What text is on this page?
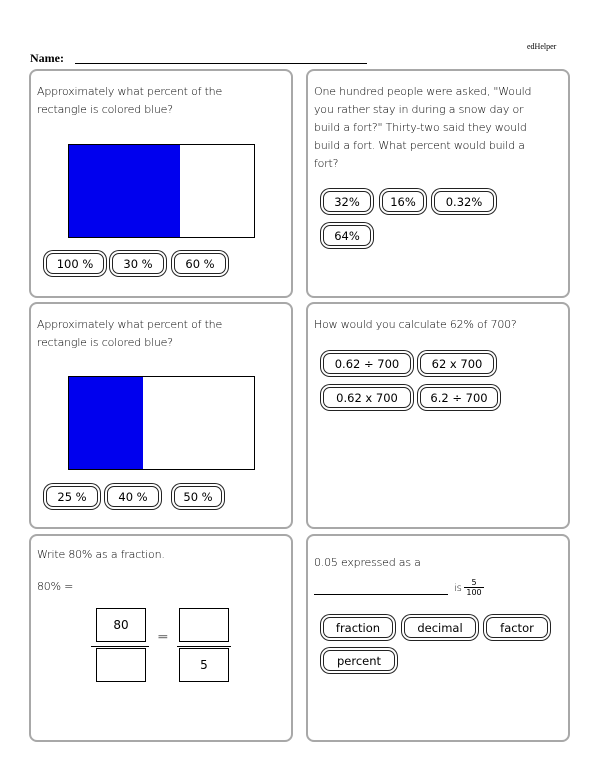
edHelper
Name:
Approximately what percent of the
rectangle is colored blue?
100 %	30 %	60 %
One hundred people were asked, "Would
you rather stay in during a snow day or
build a fort?" Thirty-two said they would
build a fort. What percent would build a
fort?
32%	16%	0.32%
64%
Approximately what percent of the
rectangle is colored blue?
25 %	40 %	50 %
How would you calculate 62% of 700?
0.62 ÷ 700	62 x 700
0.62 x 700	6.2 ÷ 700
Write 80% as a fraction.
80% =
80
=
5
0.05 expressed as a
is $\frac{5}{100}$
fraction	decimal	factor
percent
